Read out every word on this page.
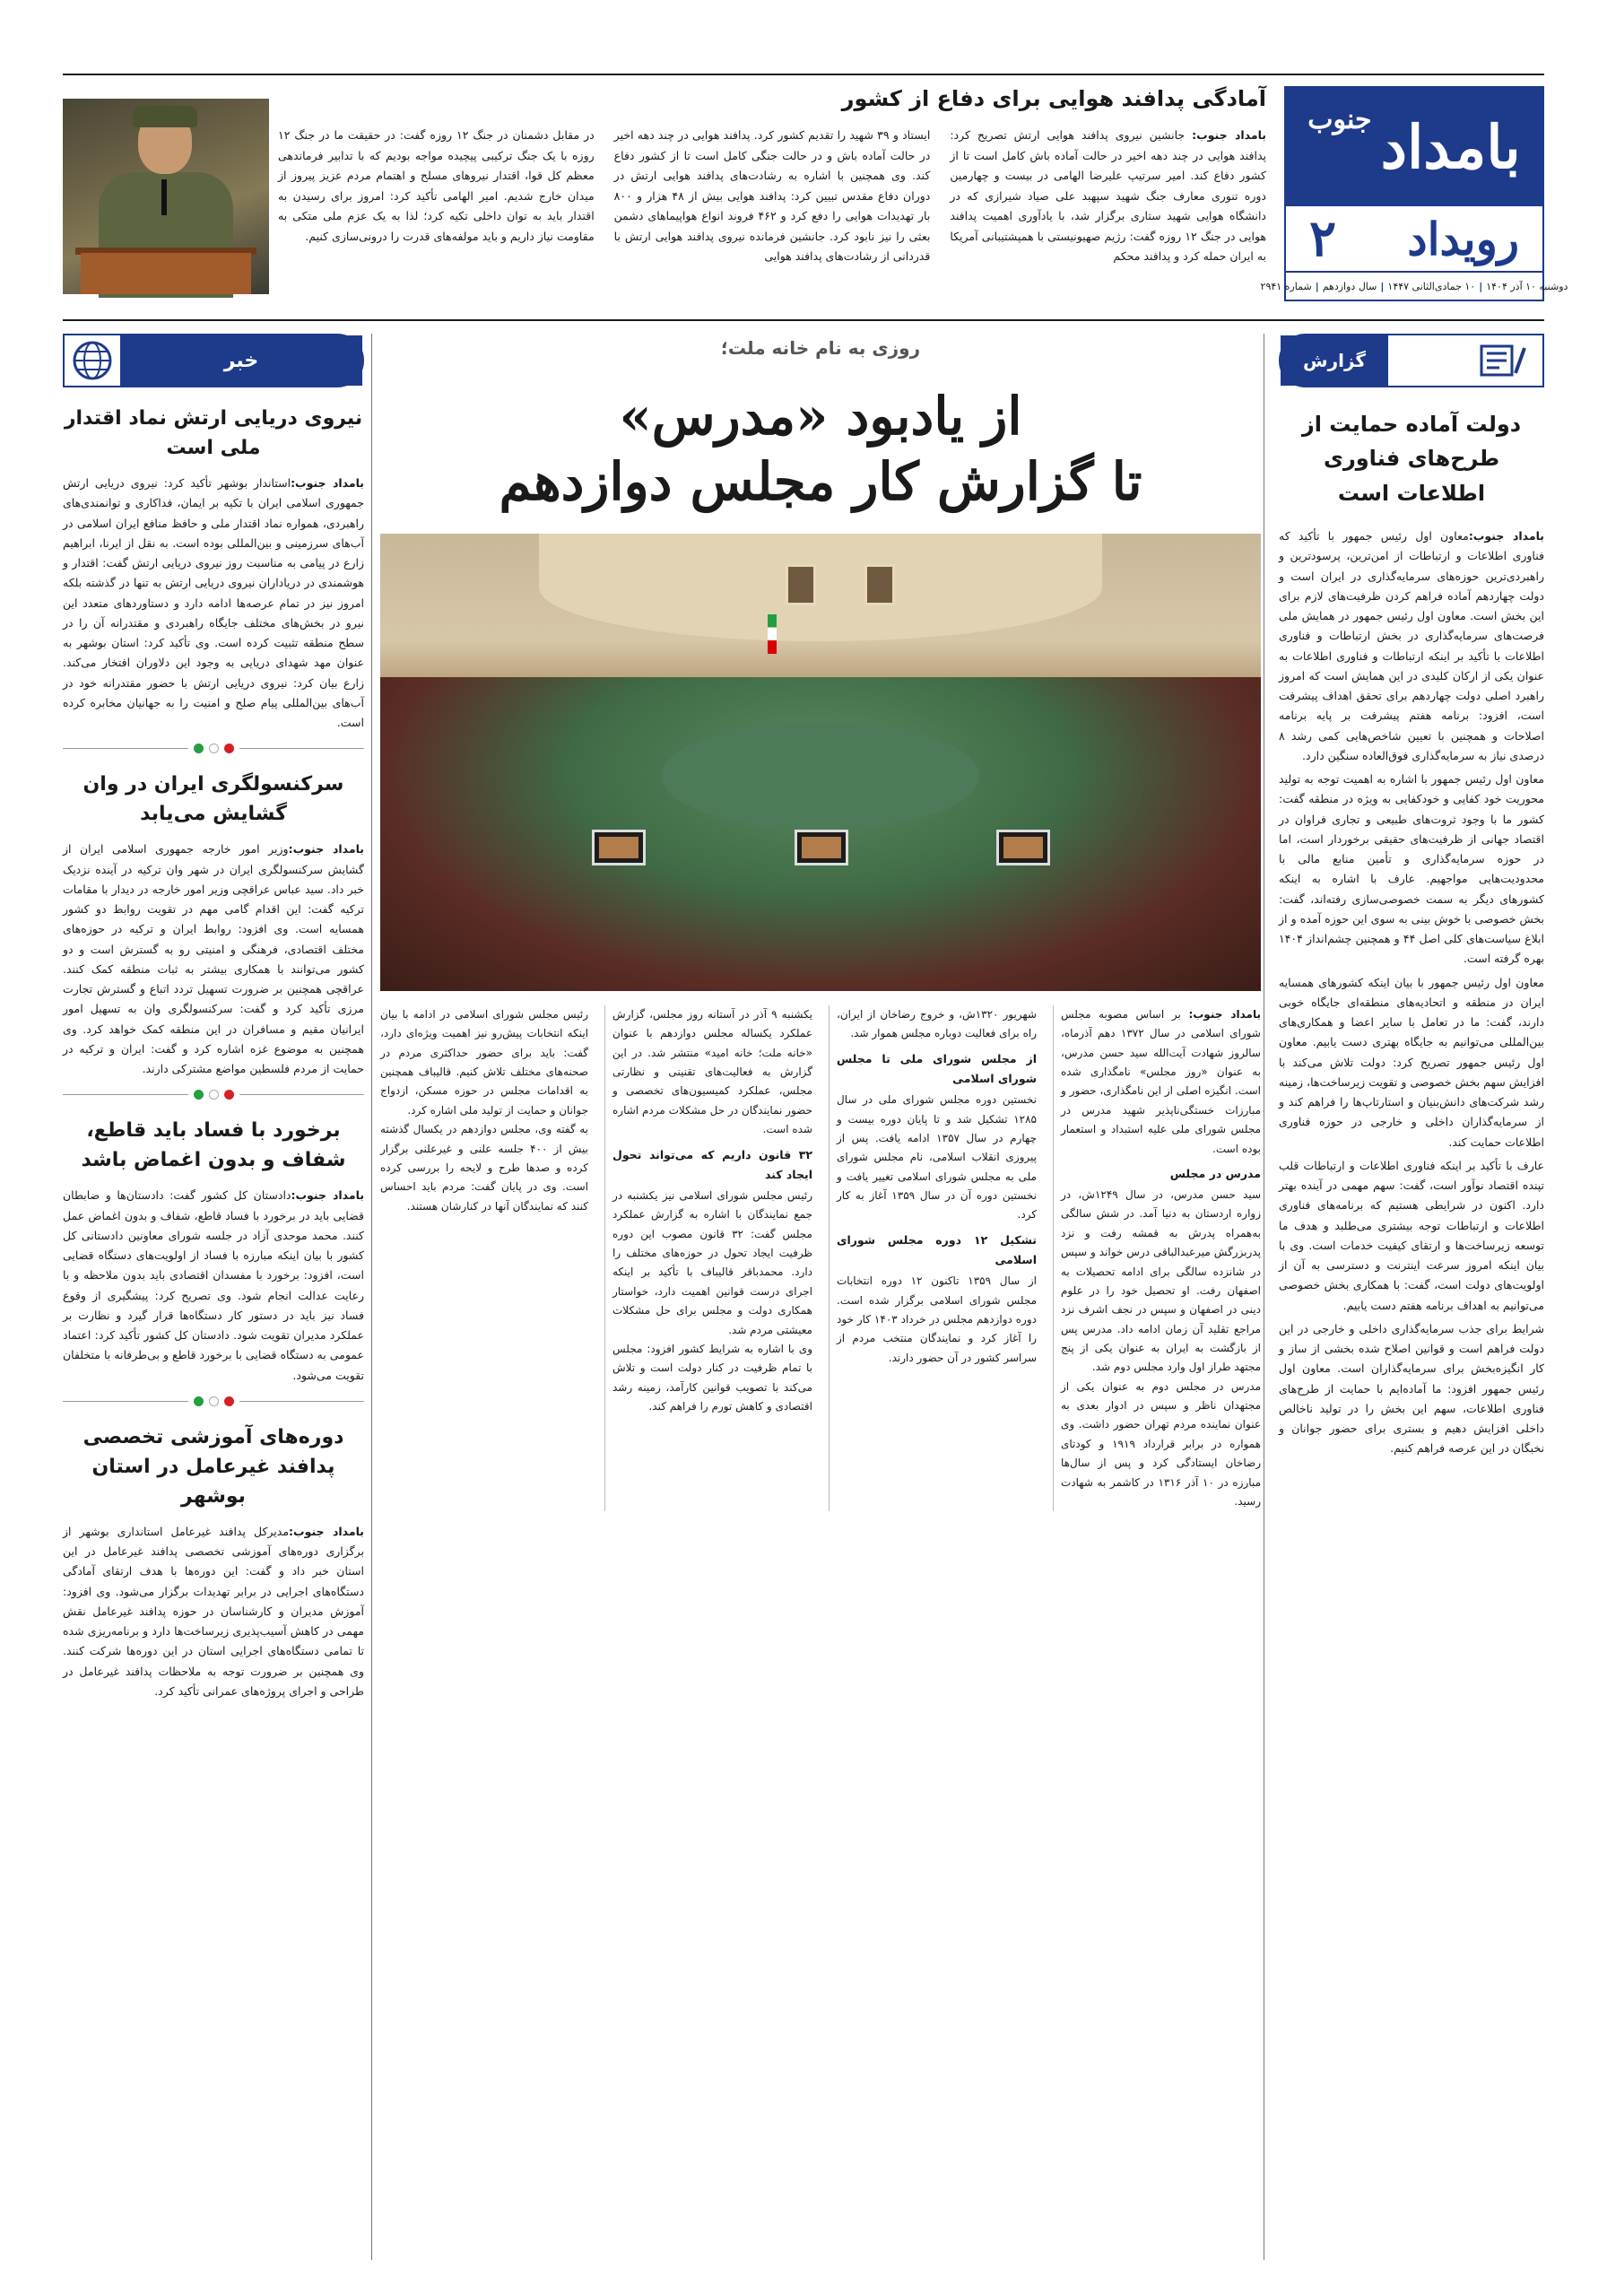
بامداد
جنوب
رویداد
۲
دوشنبه ۱۰ آذر ۱۴۰۴
|
۱۰ جمادی‌الثانی ۱۴۴۷
|
سال دوازدهم
|
شماره ۲۹۴۱
آمادگی پدافند هوایی برای دفاع از کشور

بامداد جنوب: جانشین نیروی پدافند هوایی ارتش تصریح کرد: پدافند هوایی در چند دهه اخیر در حالت آماده باش کامل است تا از کشور دفاع کند. امیر سرتیپ علیرضا الهامی در بیست و چهارمین دوره تنوری معارف جنگ شهید سپهبد علی صیاد شیرازی که در دانشگاه هوایی شهید ستاری برگزار شد، با یادآوری اهمیت پدافند هوایی در جنگ ۱۲ روزه گفت: رژیم صهیونیستی با همپشتیبانی آمریکا به ایران حمله کرد و پدافند محکم

ایستاد و ۳۹ شهید را تقدیم کشور کرد. پدافند هوایی در چند دهه اخیر در حالت آماده باش و در حالت جنگی کامل است تا از کشور دفاع کند. وی همچنین با اشاره به رشادت‌های پدافند هوایی ارتش در دوران دفاع مقدس تبیین کرد: پدافند هوایی بیش از ۴۸ هزار و ۸۰۰ بار تهدیدات هوایی را دفع کرد و ۴۶۲ فروند انواع هواپیماهای دشمن بعثی را نیز نابود کرد. جانشین فرمانده نیروی پدافند هوایی ارتش با قدردانی از رشادت‌های پدافند هوایی

در مقابل دشمنان در جنگ ۱۲ روزه گفت: در حقیقت ما در جنگ ۱۲ روزه با یک جنگ ترکیبی پیچیده مواجه بودیم که با تدابیر فرماندهی معظم کل قوا، اقتدار نیروهای مسلح و اهتمام مردم عزیز پیروز از میدان خارج شدیم. امیر الهامی تأکید کرد: امروز برای رسیدن به اقتدار باید به توان داخلی تکیه کرد؛ لذا به یک عزم ملی متکی به مقاومت نیاز داریم و باید مولفه‌های قدرت را درونی‌سازی کنیم.

گزارش
دولت آماده حمایت از طرح‌های فناوری اطلاعات است

بامداد جنوب:معاون اول رئیس جمهور با تأکید که فناوری اطلاعات و ارتباطات از امن‌ترین، پرسودترین و راهبردی‌ترین حوزه‌های سرمایه‌گذاری در ایران است و دولت چهاردهم آماده فراهم کردن ظرفیت‌های لازم برای این بخش است. معاون اول رئیس جمهور در همایش ملی فرصت‌های سرمایه‌گذاری در بخش ارتباطات و فناوری اطلاعات با تأکید بر اینکه ارتباطات و فناوری اطلاعات به عنوان یکی از ارکان کلیدی در این همایش است که امروز راهبرد اصلی دولت چهاردهم برای تحقق اهداف پیشرفت است، افزود: برنامه هفتم پیشرفت بر پایه برنامه اصلاحات و همچنین با تعیین شاخص‌هایی کمی رشد ۸ درصدی نیاز به سرمایه‌گذاری فوق‌العاده سنگین دارد.

معاون اول رئیس جمهور با اشاره به اهمیت توجه به تولید محوریت خود کفایی و خودکفایی به ویژه در منطقه گفت: کشور ما با وجود ثروت‌های طبیعی و تجاری فراوان در اقتصاد جهانی از ظرفیت‌های حقیقی برخوردار است، اما در حوزه سرمایه‌گذاری و تأمین منابع مالی با محدودیت‌هایی مواجهیم. عارف با اشاره به اینکه کشورهای دیگر به سمت خصوصی‌سازی رفته‌اند، گفت: بخش خصوصی با خوش بینی به سوی این حوزه آمده و از ابلاغ سیاست‌های کلی اصل ۴۴ و همچنین چشم‌انداز ۱۴۰۴ بهره گرفته است.

معاون اول رئیس جمهور با بیان اینکه کشورهای همسایه ایران در منطقه و اتحادیه‌های منطقه‌ای جایگاه خوبی دارند، گفت: ما در تعامل با سایر اعضا و همکاری‌های بین‌المللی می‌توانیم به جایگاه بهتری دست یابیم. معاون اول رئیس جمهور تصریح کرد: دولت تلاش می‌کند با افزایش سهم بخش خصوصی و تقویت زیرساخت‌ها، زمینه رشد شرکت‌های دانش‌بنیان و استارتاپ‌ها را فراهم کند و از سرمایه‌گذاران داخلی و خارجی در حوزه فناوری اطلاعات حمایت کند.

عارف با تأکید بر اینکه فناوری اطلاعات و ارتباطات قلب تپنده اقتصاد نوآور است، گفت: سهم مهمی در آینده بهتر دارد. اکنون در شرایطی هستیم که برنامه‌های فناوری اطلاعات و ارتباطات توجه بیشتری می‌طلبد و هدف ما توسعه زیرساخت‌ها و ارتقای کیفیت خدمات است. وی با بیان اینکه امروز سرعت اینترنت و دسترسی به آن از اولویت‌های دولت است، گفت: با همکاری بخش خصوصی می‌توانیم به اهداف برنامه هفتم دست یابیم.

شرایط برای جذب سرمایه‌گذاری داخلی و خارجی در این دولت فراهم است و قوانین اصلاح شده بخشی از ساز و کار انگیزه‌بخش برای سرمایه‌گذاران است. معاون اول رئیس جمهور افزود: ما آماده‌ایم با حمایت از طرح‌های فناوری اطلاعات، سهم این بخش را در تولید ناخالص داخلی افزایش دهیم و بستری برای حضور جوانان و نخبگان در این عرصه فراهم کنیم.

روزی به نام خانه ملت؛
از یادبود «مدرس»
تا گزارش کار مجلس دوازدهم

بامداد جنوب: بر اساس مصوبه مجلس شورای اسلامی در سال ۱۳۷۲ دهم آذرماه، سالروز شهادت آیت‌الله سید حسن مدرس، به عنوان «روز مجلس» نامگذاری شده است. انگیزه اصلی از این نامگذاری، حضور و مبارزات خستگی‌ناپذیر شهید مدرس در مجلس شورای ملی علیه استبداد و استعمار بوده است.

مدرس در مجلس

سید حسن مدرس، در سال ۱۲۴۹ش، در زواره اردستان به دنیا آمد. در شش سالگی به‌همراه پدرش به قمشه رفت و نزد پدربزرگش میرعبدالباقی درس خواند و سپس در شانزده سالگی برای ادامه تحصیلات به اصفهان رفت. او تحصیل خود را در علوم دینی در اصفهان و سپس در نجف اشرف نزد مراجع تقلید آن زمان ادامه داد. مدرس پس از بازگشت به ایران به عنوان یکی از پنج مجتهد طراز اول وارد مجلس دوم شد.

مدرس در مجلس دوم به عنوان یکی از مجتهدان ناظر و سپس در ادوار بعدی به عنوان نماینده مردم تهران حضور داشت. وی همواره در برابر قرارداد ۱۹۱۹ و کودتای رضاخان ایستادگی کرد و پس از سال‌ها مبارزه در ۱۰ آذر ۱۳۱۶ در کاشمر به شهادت رسید.

شهریور ۱۳۲۰ش، و خروج رضاخان از ایران، راه برای فعالیت دوباره مجلس هموار شد.

از مجلس شورای ملی تا مجلس شورای اسلامی

نخستین دوره مجلس شورای ملی در سال ۱۲۸۵ تشکیل شد و تا پایان دوره بیست و چهارم در سال ۱۳۵۷ ادامه یافت. پس از پیروزی انقلاب اسلامی، نام مجلس شورای ملی به مجلس شورای اسلامی تغییر یافت و نخستین دوره آن در سال ۱۳۵۹ آغاز به کار کرد.

تشکیل ۱۲ دوره مجلس شورای اسلامی

از سال ۱۳۵۹ تاکنون ۱۲ دوره انتخابات مجلس شورای اسلامی برگزار شده است. دوره دوازدهم مجلس در خرداد ۱۴۰۳ کار خود را آغاز کرد و نمایندگان منتخب مردم از سراسر کشور در آن حضور دارند.

یکشنبه ۹ آذر در آستانه روز مجلس، گزارش عملکرد یکساله مجلس دوازدهم با عنوان «خانه ملت؛ خانه امید» منتشر شد. در این گزارش به فعالیت‌های تقنینی و نظارتی مجلس، عملکرد کمیسیون‌های تخصصی و حضور نمایندگان در حل مشکلات مردم اشاره شده است.

۳۲ قانون داریم که می‌تواند تحول ایجاد کند

رئیس مجلس شورای اسلامی نیز یکشنبه در جمع نمایندگان با اشاره به گزارش عملکرد مجلس گفت: ۳۲ قانون مصوب این دوره ظرفیت ایجاد تحول در حوزه‌های مختلف را دارد. محمدباقر قالیباف با تأکید بر اینکه اجرای درست قوانین اهمیت دارد، خواستار همکاری دولت و مجلس برای حل مشکلات معیشتی مردم شد.

وی با اشاره به شرایط کشور افزود: مجلس با تمام ظرفیت در کنار دولت است و تلاش می‌کند با تصویب قوانین کارآمد، زمینه رشد اقتصادی و کاهش تورم را فراهم کند.

رئیس مجلس شورای اسلامی در ادامه با بیان اینکه انتخابات پیش‌رو نیز اهمیت ویژه‌ای دارد، گفت: باید برای حضور حداکثری مردم در صحنه‌های مختلف تلاش کنیم. قالیباف همچنین به اقدامات مجلس در حوزه مسکن، ازدواج جوانان و حمایت از تولید ملی اشاره کرد.

به گفته وی، مجلس دوازدهم در یکسال گذشته بیش از ۴۰۰ جلسه علنی و غیرعلنی برگزار کرده و صدها طرح و لایحه را بررسی کرده است. وی در پایان گفت: مردم باید احساس کنند که نمایندگان آنها در کنارشان هستند.

خبر
نیروی دریایی ارتش نماد اقتدار ملی است

بامداد جنوب:استاندار بوشهر تأکید کرد: نیروی دریایی ارتش جمهوری اسلامی ایران با تکیه بر ایمان، فداکاری و توانمندی‌های راهبردی، همواره نماد اقتدار ملی و حافظ منافع ایران اسلامی در آب‌های سرزمینی و بین‌المللی بوده است. به نقل از ایرنا، ابراهیم زارع در پیامی به مناسبت روز نیروی دریایی ارتش گفت: اقتدار و هوشمندی در دریاداران نیروی دریایی ارتش به تنها در گذشته بلکه امروز نیز در تمام عرصه‌ها ادامه دارد و دستاوردهای متعدد این نیرو در بخش‌های مختلف جایگاه راهبردی و مقتدرانه آن را در سطح منطقه تثبیت کرده است. وی تأکید کرد: استان بوشهر به عنوان مهد شهدای دریایی به وجود این دلاوران افتخار می‌کند. زارع بیان کرد: نیروی دریایی ارتش با حضور مقتدرانه خود در آب‌های بین‌المللی پیام صلح و امنیت را به جهانیان مخابره کرده است.

سرکنسولگری ایران در وان گشایش می‌یابد

بامداد جنوب:وزیر امور خارجه جمهوری اسلامی ایران از گشایش سرکنسولگری ایران در شهر وان ترکیه در آینده نزدیک خبر داد. سید عباس عراقچی وزیر امور خارجه در دیدار با مقامات ترکیه گفت: این اقدام گامی مهم در تقویت روابط دو کشور همسایه است. وی افزود: روابط ایران و ترکیه در حوزه‌های مختلف اقتصادی، فرهنگی و امنیتی رو به گسترش است و دو کشور می‌توانند با همکاری بیشتر به ثبات منطقه کمک کنند. عراقچی همچنین بر ضرورت تسهیل تردد اتباع و گسترش تجارت مرزی تأکید کرد و گفت: سرکنسولگری وان به تسهیل امور ایرانیان مقیم و مسافران در این منطقه کمک خواهد کرد. وی همچنین به موضوع غزه اشاره کرد و گفت: ایران و ترکیه در حمایت از مردم فلسطین مواضع مشترکی دارند.

برخورد با فساد باید قاطع، شفاف و بدون اغماض باشد

بامداد جنوب:دادستان کل کشور گفت: دادستان‌ها و ضابطان قضایی باید در برخورد با فساد قاطع، شفاف و بدون اغماض عمل کنند. محمد موحدی آزاد در جلسه شورای معاونین دادستانی کل کشور با بیان اینکه مبارزه با فساد از اولویت‌های دستگاه قضایی است، افزود: برخورد با مفسدان اقتصادی باید بدون ملاحظه و با رعایت عدالت انجام شود. وی تصریح کرد: پیشگیری از وقوع فساد نیز باید در دستور کار دستگاه‌ها قرار گیرد و نظارت بر عملکرد مدیران تقویت شود. دادستان کل کشور تأکید کرد: اعتماد عمومی به دستگاه قضایی با برخورد قاطع و بی‌طرفانه با متخلفان تقویت می‌شود.

دوره‌های آموزشی تخصصی پدافند غیرعامل در استان بوشهر

بامداد جنوب:مدیرکل پدافند غیرعامل استانداری بوشهر از برگزاری دوره‌های آموزشی تخصصی پدافند غیرعامل در این استان خبر داد و گفت: این دوره‌ها با هدف ارتقای آمادگی دستگاه‌های اجرایی در برابر تهدیدات برگزار می‌شود. وی افزود: آموزش مدیران و کارشناسان در حوزه پدافند غیرعامل نقش مهمی در کاهش آسیب‌پذیری زیرساخت‌ها دارد و برنامه‌ریزی شده تا تمامی دستگاه‌های اجرایی استان در این دوره‌ها شرکت کنند. وی همچنین بر ضرورت توجه به ملاحظات پدافند غیرعامل در طراحی و اجرای پروژه‌های عمرانی تأکید کرد.
